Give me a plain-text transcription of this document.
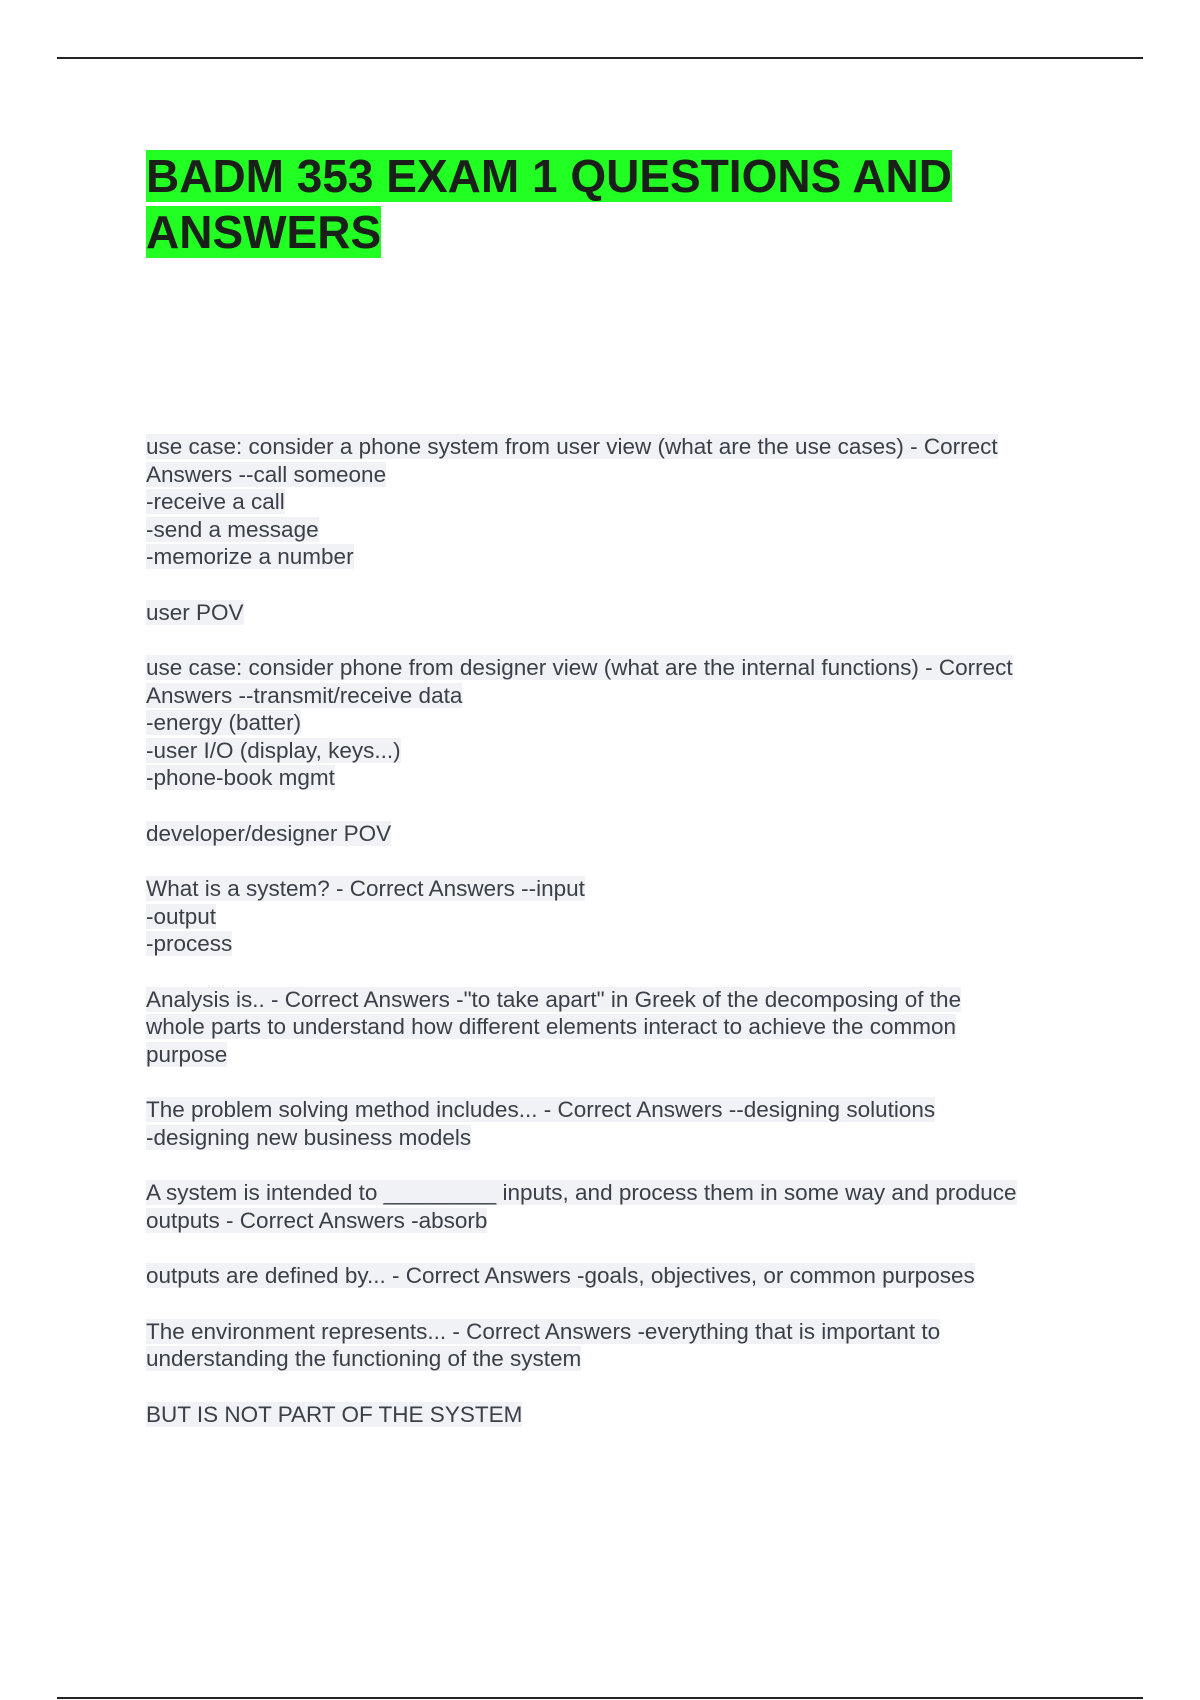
BADM 353 EXAM 1 QUESTIONS AND
ANSWERS
use case: consider a phone system from user view (what are the use cases) - Correct
Answers --call someone
-receive a call
-send a message
-memorize a number
user POV
use case: consider phone from designer view (what are the internal functions) - Correct
Answers --transmit/receive data
-energy (batter)
-user I/O (display, keys...)
-phone-book mgmt
developer/designer POV
What is a system? - Correct Answers --input
-output
-process
Analysis is.. - Correct Answers -"to take apart" in Greek of the decomposing of the
whole parts to understand how different elements interact to achieve the common
purpose
The problem solving method includes... - Correct Answers --designing solutions
-designing new business models
A system is intended to _________ inputs, and process them in some way and produce
outputs - Correct Answers -absorb
outputs are defined by... - Correct Answers -goals, objectives, or common purposes
The environment represents... - Correct Answers -everything that is important to
understanding the functioning of the system
BUT IS NOT PART OF THE SYSTEM
